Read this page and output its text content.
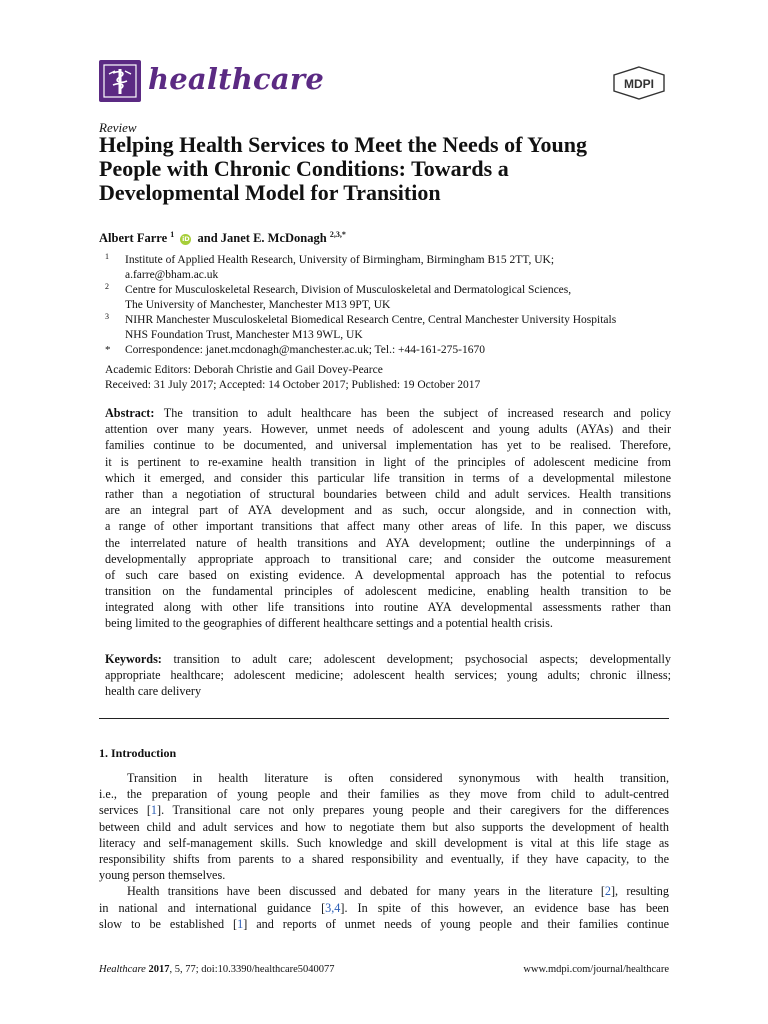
healthcare	MDPI
Review
Helping Health Services to Meet the Needs of Young
People with Chronic Conditions: Towards a
Developmental Model for Transition
Albert Farre $^1$ iD and Janet E. McDonagh $^{2,3,*}$
1	Institute of Applied Health Research, University of Birmingham, Birmingham B15 2TT, UK;
a.farre@bham.ac.uk
2	Centre for Musculoskeletal Research, Division of Musculoskeletal and Dermatological Sciences,
The University of Manchester, Manchester M13 9PT, UK
3	NIHR Manchester Musculoskeletal Biomedical Research Centre, Central Manchester University Hospitals
NHS Foundation Trust, Manchester M13 9WL, UK
*	Correspondence: janet.mcdonagh@manchester.ac.uk; Tel.: +44-161-275-1670
Academic Editors: Deborah Christie and Gail Dovey-Pearce
Received: 31 July 2017; Accepted: 14 October 2017; Published: 19 October 2017
Abstract: The transition to adult healthcare has been the subject of increased research and policy
attention over many years. However, unmet needs of adolescent and young adults (AYAs) and their
families continue to be documented, and universal implementation has yet to be realised. Therefore,
it is pertinent to re-examine health transition in light of the principles of adolescent medicine from
which it emerged, and consider this particular life transition in terms of a developmental milestone
rather than a negotiation of structural boundaries between child and adult services. Health transitions
are an integral part of AYA development and as such, occur alongside, and in connection with,
a range of other important transitions that affect many other areas of life. In this paper, we discuss
the interrelated nature of health transitions and AYA development; outline the underpinnings of a
developmentally appropriate approach to transitional care; and consider the outcome measurement
of such care based on existing evidence. A developmental approach has the potential to refocus
transition on the fundamental principles of adolescent medicine, enabling health transition to be
integrated along with other life transitions into routine AYA developmental assessments rather than
being limited to the geographies of different healthcare settings and a potential health crisis.
Keywords: transition to adult care; adolescent development; psychosocial aspects; developmentally
appropriate healthcare; adolescent medicine; adolescent health services; young adults; chronic illness;
health care delivery
1. Introduction
Transition in health literature is often considered synonymous with health transition,
i.e., the preparation of young people and their families as they move from child to adult-centred
services [1]. Transitional care not only prepares young people and their caregivers for the differences
between child and adult services and how to negotiate them but also supports the development of health
literacy and self-management skills. Such knowledge and skill development is vital at this life stage as
responsibility shifts from parents to a shared responsibility and eventually, if they have capacity, to the
young person themselves.
Health transitions have been discussed and debated for many years in the literature [2], resulting
in national and international guidance [3,4]. In spite of this however, an evidence base has been
slow to be established [1] and reports of unmet needs of young people and their families continue
Healthcare 2017, 5, 77; doi:10.3390/healthcare5040077	www.mdpi.com/journal/healthcare
